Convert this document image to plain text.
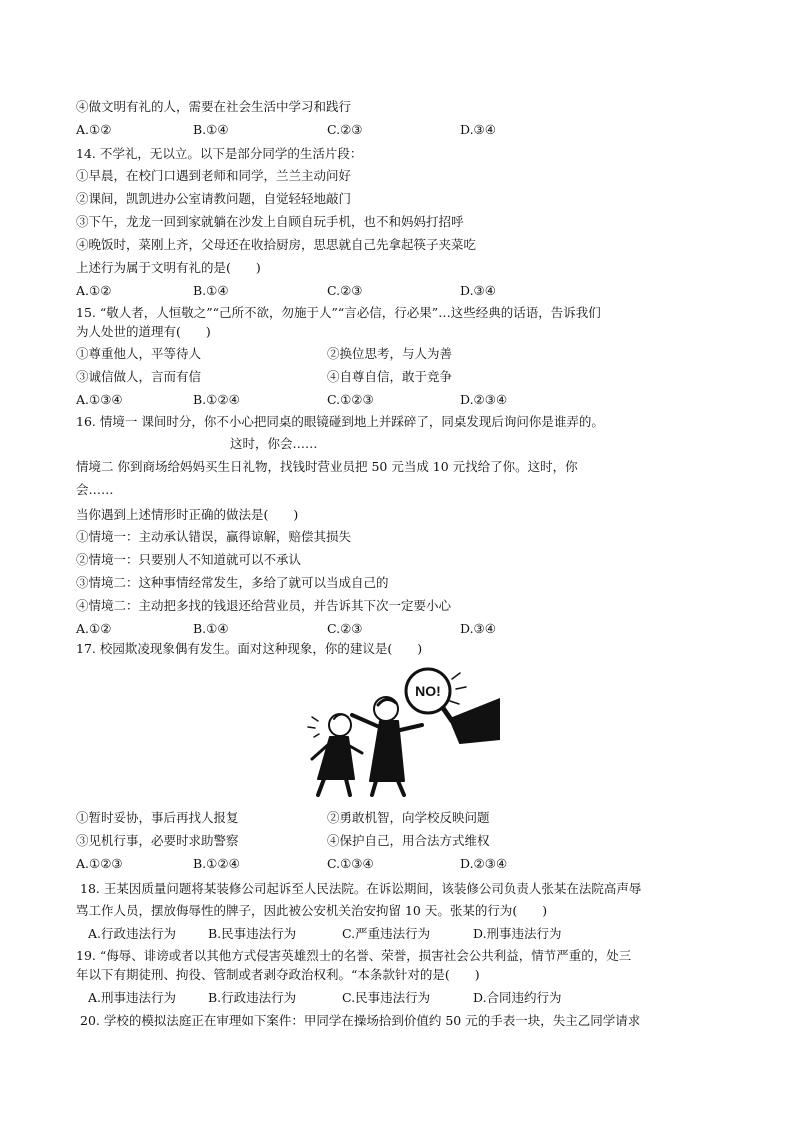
④做文明有礼的人，需要在社会生活中学习和践行
A.①②	B.①④	C.②③	D.③④
14. 不学礼，无以立。以下是部分同学的生活片段：
①早晨，在校门口遇到老师和同学，兰兰主动问好
②课间，凯凯进办公室请教问题，自觉轻轻地敲门
③下午，龙龙一回到家就躺在沙发上自顾自玩手机，也不和妈妈打招呼
④晚饭时，菜刚上齐，父母还在收拾厨房，思思就自己先拿起筷子夹菜吃
上述行为属于文明有礼的是(　　)
A.①②	B.①④	C.②③	D.③④
15. “敬人者，人恒敬之”“己所不欲，勿施于人”“言必信，行必果”…这些经典的话语，告诉我们
为人处世的道理有(　　)
①尊重他人，平等待人	②换位思考，与人为善
③诚信做人，言而有信	④自尊自信，敢于竞争
A.①③④	B.①②④	C.①②③	D.②③④
16. 情境一 课间时分，你不小心把同桌的眼镜碰到地上并踩碎了，同桌发现后询问你是谁弄的。
这时，你会……
情境二 你到商场给妈妈买生日礼物，找钱时营业员把 50 元当成 10 元找给了你。这时，你
会……
当你遇到上述情形时正确的做法是(　　)
①情境一：主动承认错误，赢得谅解，赔偿其损失
②情境一：只要别人不知道就可以不承认
③情境二：这种事情经常发生，多给了就可以当成自己的
④情境二：主动把多找的钱退还给营业员，并告诉其下次一定要小心
A.①②	B.①④	C.②③	D.③④
17. 校园欺凌现象偶有发生。面对这种现象，你的建议是(　　)
NO!
①暂时妥协，事后再找人报复	②勇敢机智，向学校反映问题
③见机行事，必要时求助警察	④保护自己，用合法方式维权
A.①②③	B.①②④	C.①③④	D.②③④
18. 王某因质量问题将某装修公司起诉至人民法院。在诉讼期间，该装修公司负责人张某在法院高声辱
骂工作人员，摆放侮辱性的牌子，因此被公安机关治安拘留 10 天。张某的行为(　　)
A.行政违法行为	B.民事违法行为	C.严重违法行为	D.刑事违法行为
19. “侮辱、诽谤或者以其他方式侵害英雄烈士的名誉、荣誉，损害社会公共利益，情节严重的，处三
年以下有期徒刑、拘役、管制或者剥夺政治权利。“本条款针对的是(　　)
A.刑事违法行为	B.行政违法行为	C.民事违法行为	D.合同违约行为
20. 学校的模拟法庭正在审理如下案件：甲同学在操场拾到价值约 50 元的手表一块，失主乙同学请求
